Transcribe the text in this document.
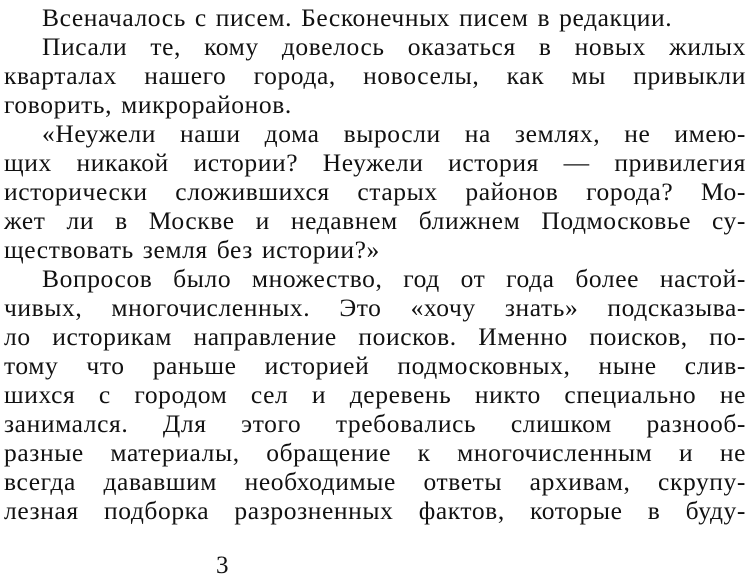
Всеначалось с писем. Бесконечных писем в редакции.
Писали те, кому довелось оказаться в новых жилых
кварталах нашего города, новоселы, как мы привыкли
говорить, микрорайонов.
«Неужели наши дома выросли на землях, не имею-
щих никакой истории? Неужели история — привилегия
исторически сложившихся старых районов города? Мо-
жет ли в Москве и недавнем ближнем Подмосковье су-
ществовать земля без истории?»
Вопросов было множество, год от года более настой-
чивых, многочисленных. Это «хочу знать» подсказыва-
ло историкам направление поисков. Именно поисков, по-
тому что раньше историей подмосковных, ныне слив-
шихся с городом сел и деревень никто специально не
занимался. Для этого требовались слишком разнооб-
разные материалы, обращение к многочисленным и не
всегда дававшим необходимые ответы архивам, скрупу-
лезная подборка разрозненных фактов, которые в буду-
3
